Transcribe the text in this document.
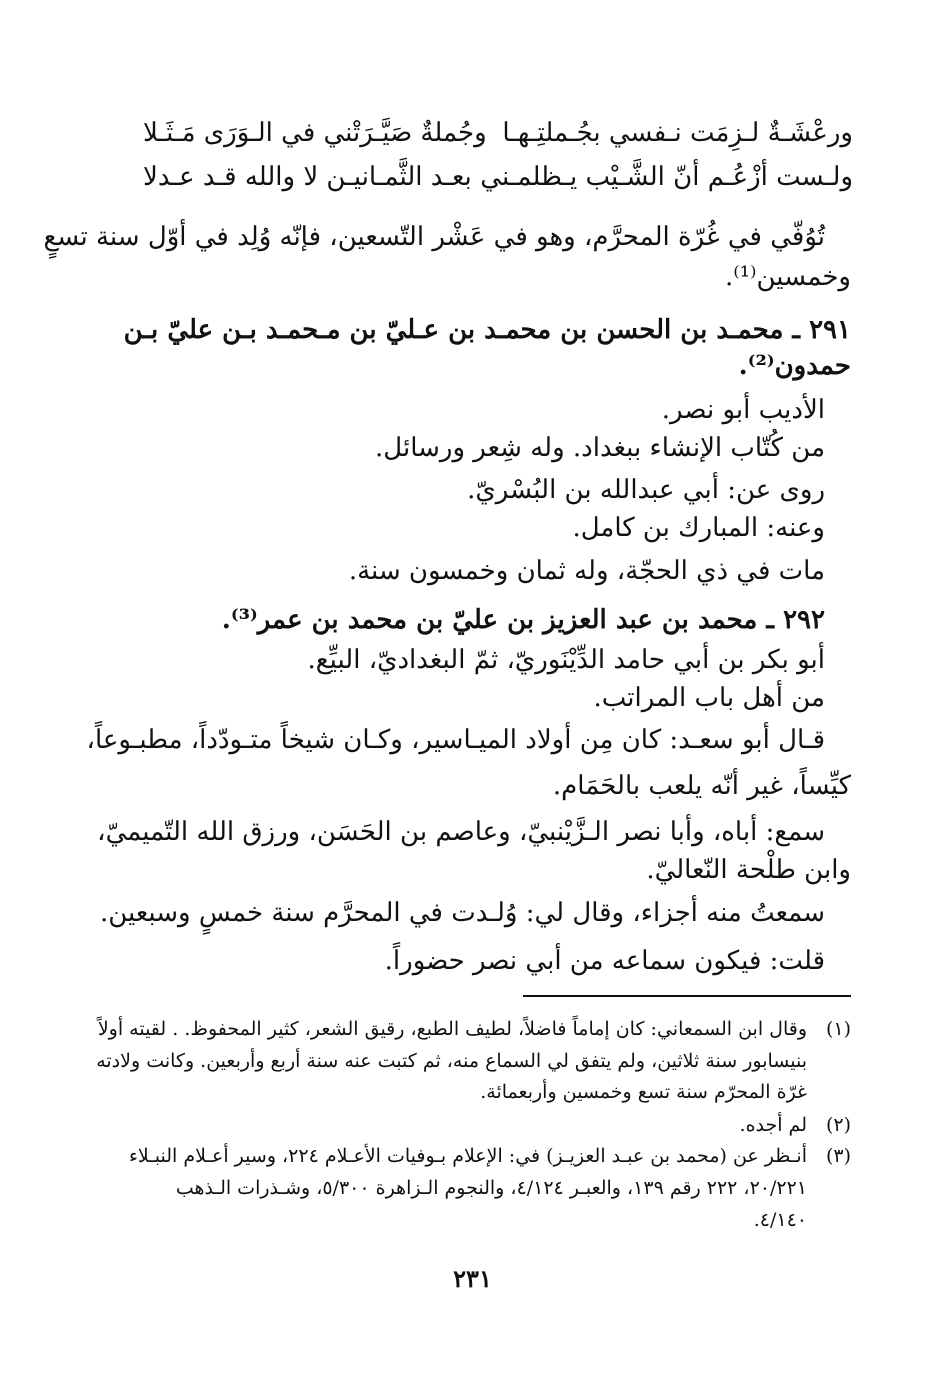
ورعْشَـةٌ لـزِمَت نـفسي بجُـملتِـهـا
وجُملةٌ صَيَّـرَتْني في الـوَرَى مَـثَـلا
ولـست أزْعُـم أنّ الشَّـيْب يـظلمـني
بعـد الثَّمـانيـن لا والله قـد عـدلا
تُوُفّي في غُرّة المحرَّم، وهو في عَشْر التّسعين، فإنّه وُلِد في أوّل سنة تسعٍ
وخمسين⁽¹⁾.
٢٩١ ـ محمـد بن الحسن بن محمـد بن عـليّ بن مـحمـد بـن عليّ بـن
حمدون⁽²⁾.
الأديب أبو نصر.
من كُتّاب الإنشاء ببغداد. وله شِعر ورسائل.
روى عن: أبي عبدالله بن البُسْريّ.
وعنه: المبارك بن كامل.
مات في ذي الحجّة، وله ثمان وخمسون سنة.
٢٩٢ ـ محمد بن عبد العزيز بن عليّ بن محمد بن عمر⁽³⁾.
أبو بكر بن أبي حامد الدِّيْنَوريّ، ثمّ البغداديّ، البيِّع.
من أهل باب المراتب.
قـال أبو سعـد: كان مِن أولاد الميـاسير، وكـان شيخاً متـودّداً، مطبـوعاً،
كيِّساً، غير أنّه يلعب بالحَمَام.
سمع: أباه، وأبا نصر الـزَّيْنبيّ، وعاصم بن الحَسَن، ورزق الله التّميميّ،
وابن طلْحة النّعاليّ.
سمعتُ منه أجزاء، وقال لي: وُلـدت في المحرَّم سنة خمسٍ وسبعين.
قلت: فيكون سماعه من أبي نصر حضوراً.
(١)
وقال ابن السمعاني: كان إماماً فاضلاً، لطيف الطبع، رقيق الشعر، كثير المحفوظ. . لقيته أولاً
بنيسابور سنة ثلاثين، ولم يتفق لي السماع منه، ثم كتبت عنه سنة أربع وأربعين. وكانت ولادته
غرّة المحرّم سنة تسع وخمسين وأربعمائة.
(٢)
لم أجده.
(٣)
أنـظر عن (محمد بن عبـد العزيـز) في: الإعلام بـوفيات الأعـلام ٢٢٤، وسير أعـلام النبـلاء
٢٠/٢٢١، ٢٢٢ رقم ١٣٩، والعبـر ٤/١٢٤، والنجوم الـزاهرة ٥/٣٠٠، وشـذرات الـذهب
٤/١٤٠.
٢٣١
